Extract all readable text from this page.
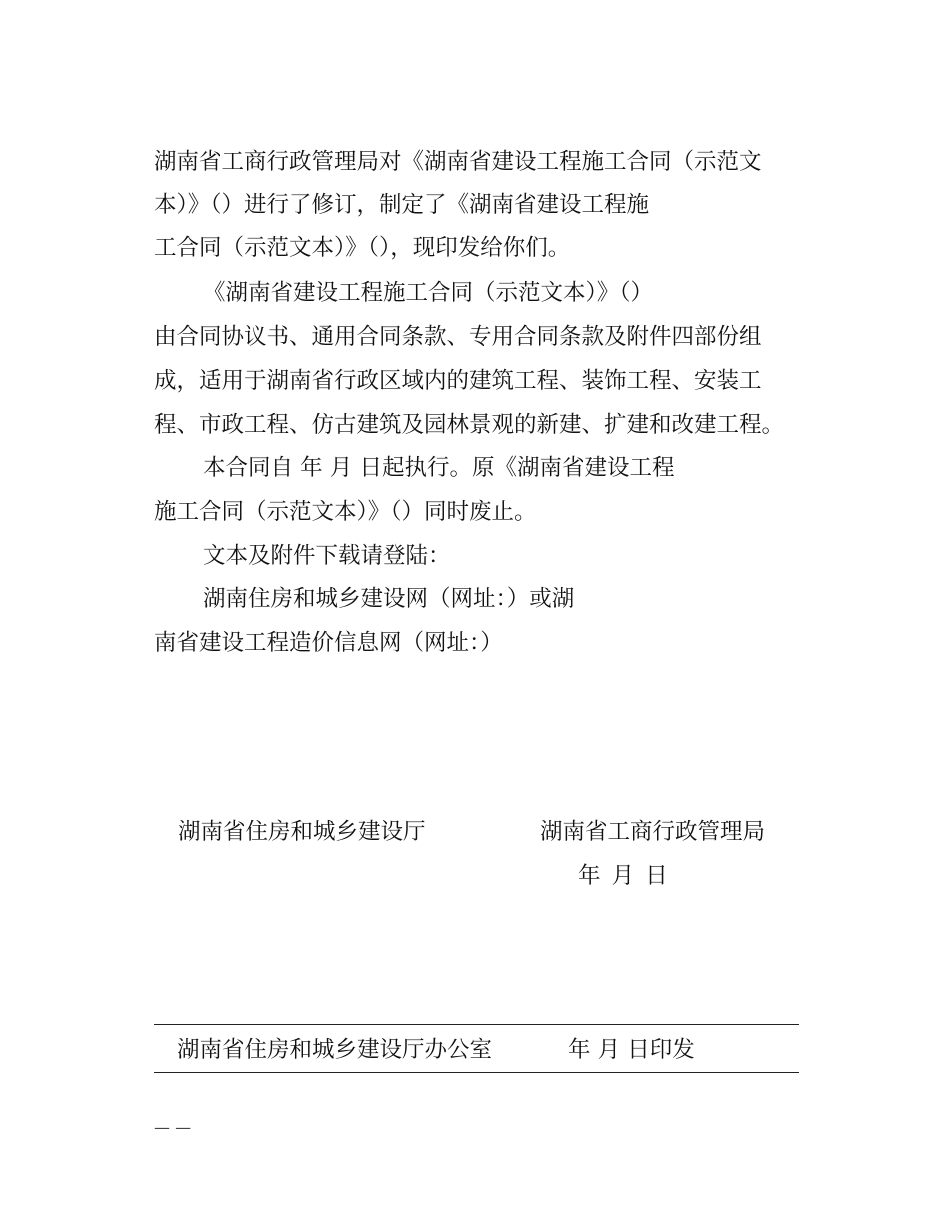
湖南省工商行政管理局对《湖南省建设工程施工合同（示范文
本）》（）进行了修订，制定了《湖南省建设工程施
工合同（示范文本）》（），现印发给你们。
《湖南省建设工程施工合同（示范文本）》（）
由合同协议书、通用合同条款、专用合同条款及附件四部份组
成，适用于湖南省行政区域内的建筑工程、装饰工程、安装工
程、市政工程、仿古建筑及园林景观的新建、扩建和改建工程。
本合同自 年 月 日起执行。原《湖南省建设工程
施工合同（示范文本）》（）同时废止。
文本及附件下载请登陆：
湖南住房和城乡建设网（网址：）或湖
南省建设工程造价信息网（网址：）
湖南省住房和城乡建设厅	湖南省工商行政管理局
年 月 日
湖南省住房和城乡建设厅办公室	年 月 日印发
— —
